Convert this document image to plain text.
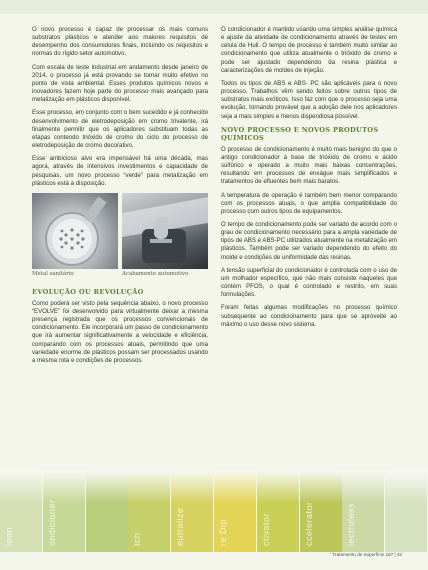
O novo processo é capaz de processar os mais comuns substratos plásticos e atender aos maiores requisitos de desempenho dos consumidores finais, incluindo os requisitos e normas do rígido setor automotivo.

Com escala de teste industrial em andamento desde janeiro de 2014, o processo já está provando se tornar muito efetivo no ponto de vista ambiental. Esses produtos químicos novos e inovadores fazem hoje parte do processo mais avançado para metalização em plásticos disponível.

Esse processo, em conjunto com o bem sucedido e já conhecido desenvolvimento de eletrodeposição em cromo trivalente, irá finalmente permitir que os aplicadores substituam todas as etapas contendo trióxido de cromo do ciclo do processo de eletrodeposição de cromo decorativo.

Esse ambicioso alvo era impensável há uma década, mas agora, através de intensivos investimentos e capacidade de pesquisas, um novo processo “verde” para metalização em plásticos está à disposição.

Metal sanitário	Acabamento automotivo
EVOLUÇÃO OU REVOLUÇÃO

Como poderá ser visto pela sequência abaixo, o novo processo “EVOLVE” foi desenvolvido para virtualmente deixar a mesma presença registrada que os processos convencionais de condicionamento. Ele incorporará um passo de condicionamento que irá aumentar significativamente a velocidade e eficiência, comparando com os processos atuais, permitindo que uma variedade enorme de plásticos possam ser processados usando a mesma rota e condições de processos.

O condicionador é mantido usando uma simples análise química e ajuste da atividade de condicionamento através de testes em célula de Hull. O tempo de processo é também muito similar ao condicionamento que utiliza atualmente o trióxido de cromo e pode ser ajustado dependendo da resina plástica e caracterizações de moldes de injeção.

Todos os tipos de ABS e ABS- PC são aplicáveis para o novo processo. Trabalhos vêm sendo feitos sobre outros tipos de substratos mais exóticos. Isso faz com que o processo seja uma evolução, tornando provável que a adoção dele nos aplicadores seja a mais simples e menos dispendiosa possível.

NOVO PROCESSO E NOVOS PRODUTOS QUÍMICOS

O processo de condicionamento é muito mais benigno do que o antigo condicionador à base de trióxido de cromo e ácido sulfúrico e operado a muito mais baixas concentrações, resultando em processos de enxágue mais simplificados e tratamentos de efluentes bem mais baratos.

A temperatura de operação é também bem menor comparando com os processos atuais, o que amplia compatibilidade do processo com outros tipos de equipamentos.

O tempo de condicionamento pode ser variado de acordo com o grau de condicionamento necessário para a ampla variedade de tipos de ABS e ABS-PC utilizados atualmente na metalização em plásticos. Também pode ser variado dependendo do efeito do molde e condições de uniformidade das resinas.

A tensão superficial do condicionador é controlada com o uso de um molhador específico, que não mais consiste naqueles que contém PFOS, o qual é controlado e restrito, em suas formulações.

Foram feitas algumas modificações no processo químico subsequente ao condicionamento para que se aproveite ao máximo o uso desse novo sistema.

lean	ondicioner	tch	eutralize	re Dip	ctivator	ccelerator	lectroless
Tratamento de Superfície 187 | 33
